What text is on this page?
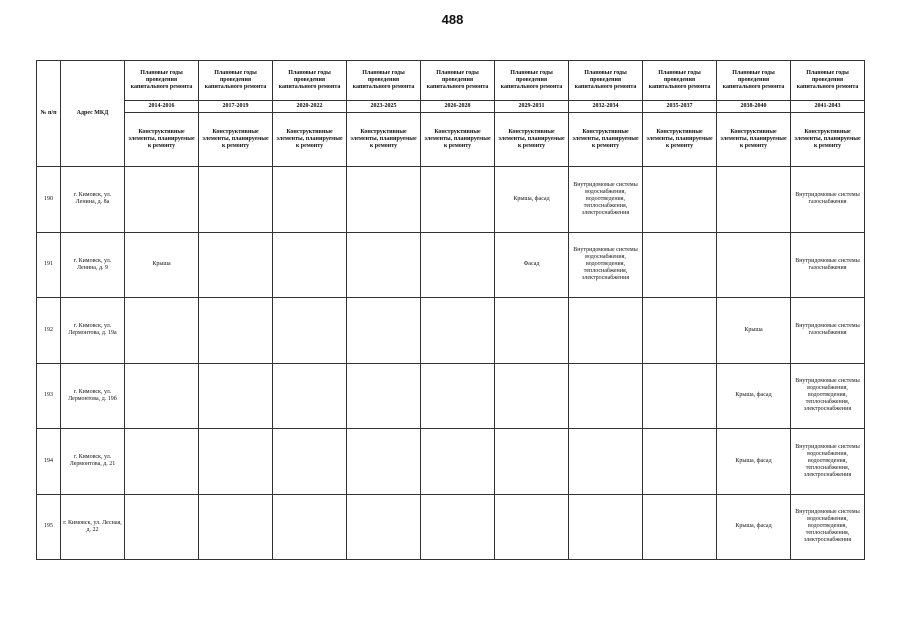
488
№ п/п	Адрес МКД	Плановые годы проведения капитального ремонта	Плановые годы проведения капитального ремонта	Плановые годы проведения капитального ремонта	Плановые годы проведения капитального ремонта	Плановые годы проведения капитального ремонта	Плановые годы проведения капитального ремонта	Плановые годы проведения капитального ремонта	Плановые годы проведения капитального ремонта	Плановые годы проведения капитального ремонта	Плановые годы проведения капитального ремонта
		2014-2016	2017-2019	2020-2022	2023-2025	2026-2028	2029-2031	2032-2034	2035-2037	2038-2040	2041-2043
		Конструктивные элементы, планируемые к ремонту	Конструктивные элементы, планируемые к ремонту	Конструктивные элементы, планируемые к ремонту	Конструктивные элементы, планируемые к ремонту	Конструктивные элементы, планируемые к ремонту	Конструктивные элементы, планируемые к ремонту	Конструктивные элементы, планируемые к ремонту	Конструктивные элементы, планируемые к ремонту	Конструктивные элементы, планируемые к ремонту	Конструктивные элементы, планируемые к ремонту
190	г. Кимовск, ул. Ленина, д. 8а						Крыша, фасад	Внутридомовые системы водоснабжения, водоотведения, теплоснабжения, электроснабжения			Внутридомовые системы газоснабжения
191	г. Кимовск, ул. Ленина, д. 9	Крыша					Фасад	Внутридомовые системы водоснабжения, водоотведения, теплоснабжения, электроснабжения			Внутридомовые системы газоснабжения
192	г. Кимовск, ул. Лермонтова, д. 19а									Крыша	Внутридомовые системы газоснабжения
193	г. Кимовск, ул. Лермонтова, д. 19б									Крыша, фасад	Внутридомовые системы водоснабжения, водоотведения, теплоснабжения, электроснабжения
194	г. Кимовск, ул. Лермонтова, д. 21									Крыша, фасад	Внутридомовые системы водоснабжения, водоотведения, теплоснабжения, электроснабжения
195	г. Кимовск, ул. Лесная, д. 22									Крыша, фасад	Внутридомовые системы водоснабжения, водоотведения, теплоснабжения, электроснабжения
